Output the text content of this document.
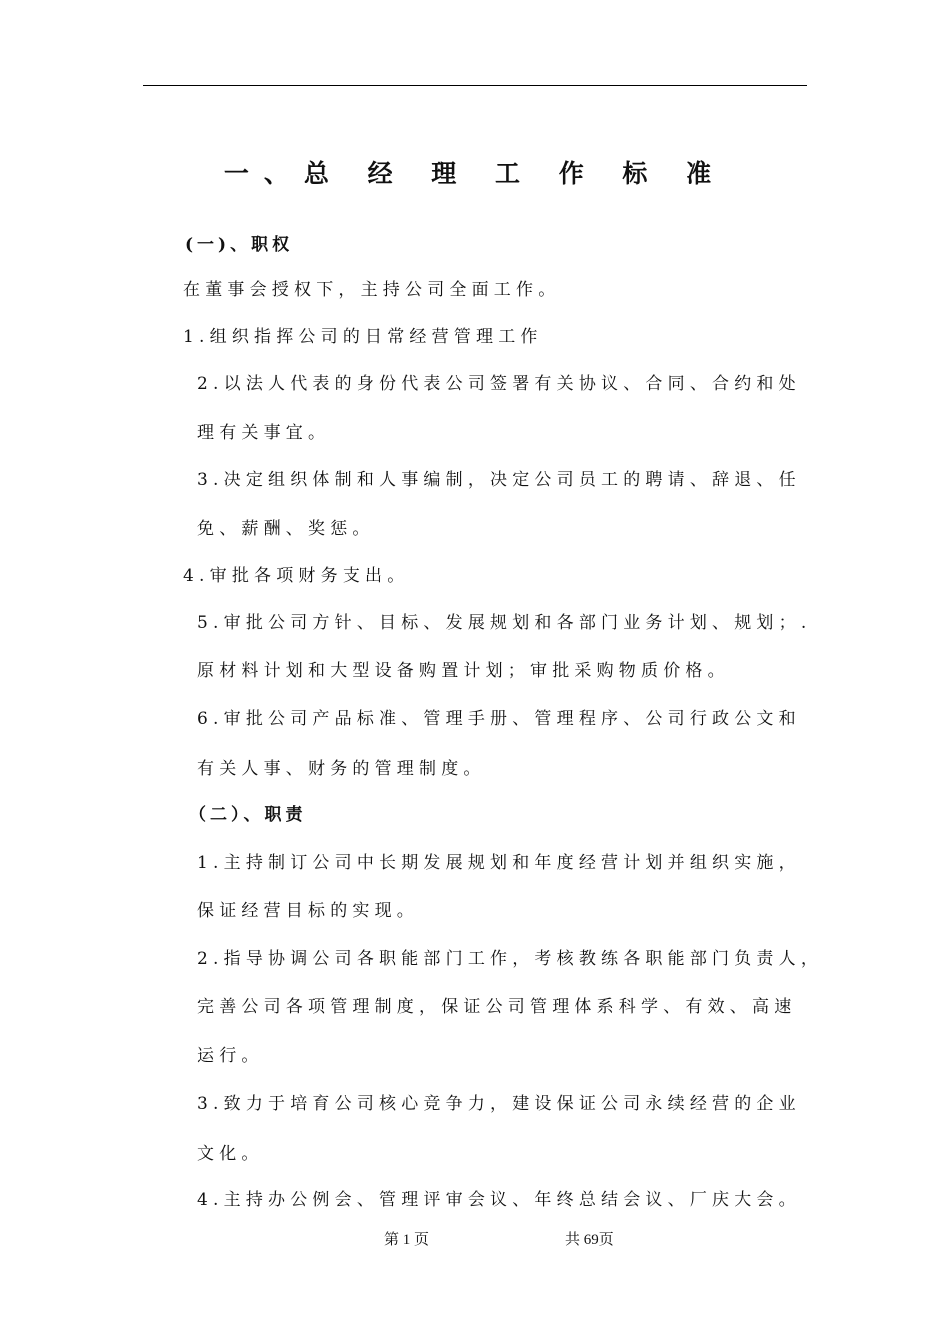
一、总 经 理 工 作 标 准
(一)、职权
在董事会授权下，主持公司全面工作。
1.组织指挥公司的日常经营管理工作
2.以法人代表的身份代表公司签署有关协议、合同、合约和处
理有关事宜。
3.决定组织体制和人事编制，决定公司员工的聘请、辞退、任
免、薪酬、奖惩。
4.审批各项财务支出。
5.审批公司方针、目标、发展规划和各部门业务计划、规划；.
原材料计划和大型设备购置计划；审批采购物质价格。
6.审批公司产品标准、管理手册、管理程序、公司行政公文和
有关人事、财务的管理制度。
（二）、职责
1.主持制订公司中长期发展规划和年度经营计划并组织实施，
保证经营目标的实现。
2.指导协调公司各职能部门工作，考核教练各职能部门负责人，
完善公司各项管理制度，保证公司管理体系科学、有效、高速
运行。
3.致力于培育公司核心竞争力，建设保证公司永续经营的企业
文化。
4.主持办公例会、管理评审会议、年终总结会议、厂庆大会。
第 1 页	共 69页
